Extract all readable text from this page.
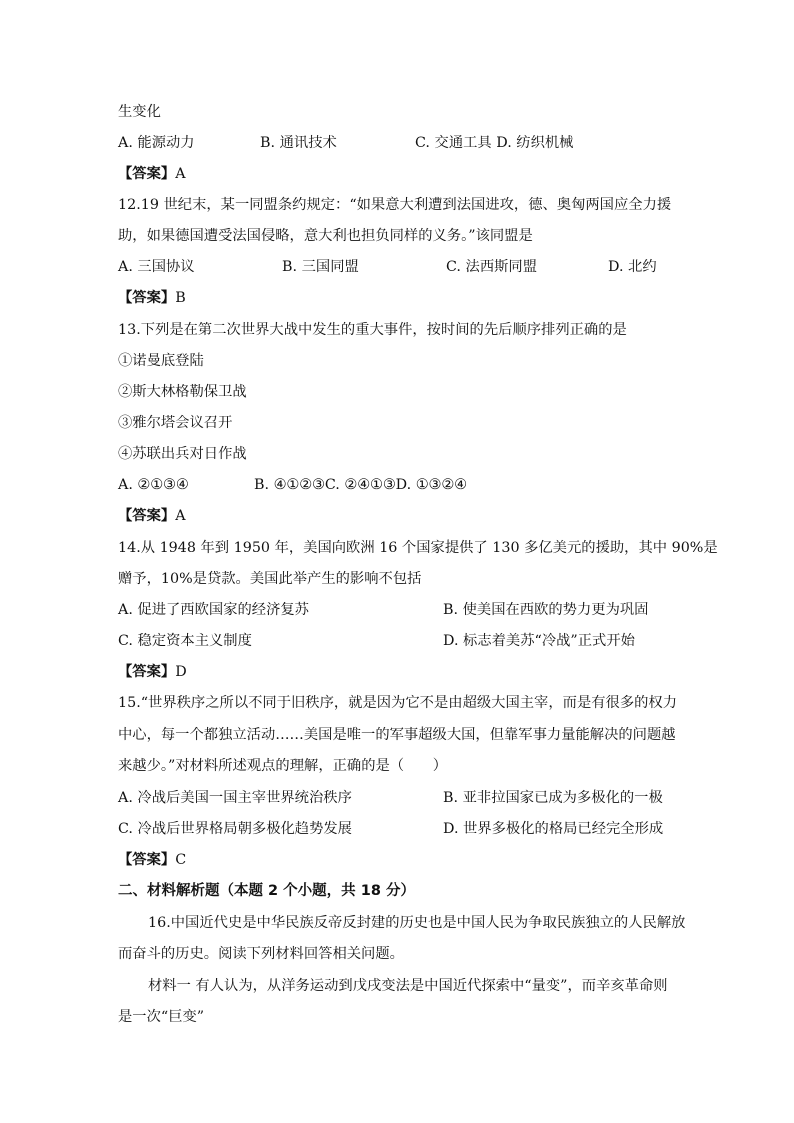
生变化
A. 能源动力	B. 通讯技术	C. 交通工具 D. 纺织机械
【答案】A
12.19 世纪末，某一同盟条约规定：“如果意大利遭到法国进攻，德、奥匈两国应全力援
助，如果德国遭受法国侵略，意大利也担负同样的义务。”该同盟是
A. 三国协议	B. 三国同盟	C. 法西斯同盟	D. 北约
【答案】B
13.下列是在第二次世界大战中发生的重大事件，按时间的先后顺序排列正确的是
①诺曼底登陆
②斯大林格勒保卫战
③雅尔塔会议召开
④苏联出兵对日作战
A. ②①③④	B. ④①②③C. ②④①③D. ①③②④
【答案】A
14.从 1948 年到 1950 年，美国向欧洲 16 个国家提供了 130 多亿美元的援助，其中 90%是
赠予，10%是贷款。美国此举产生的影响不包括
A. 促进了西欧国家的经济复苏	B. 使美国在西欧的势力更为巩固
C. 稳定资本主义制度	D. 标志着美苏“冷战”正式开始
【答案】D
15.“世界秩序之所以不同于旧秩序，就是因为它不是由超级大国主宰，而是有很多的权力
中心，每一个都独立活动……美国是唯一的军事超级大国，但靠军事力量能解决的问题越
来越少。”对材料所述观点的理解，正确的是（　　）
A. 冷战后美国一国主宰世界统治秩序	B. 亚非拉国家已成为多极化的一极
C. 冷战后世界格局朝多极化趋势发展	D. 世界多极化的格局已经完全形成
【答案】C
二、材料解析题（本题 2 个小题，共 18 分）
16.中国近代史是中华民族反帝反封建的历史也是中国人民为争取民族独立的人民解放
而奋斗的历史。阅读下列材料回答相关问题。
材料一 有人认为，从洋务运动到戊戌变法是中国近代探索中“量变”，而辛亥革命则
是一次“巨变”
